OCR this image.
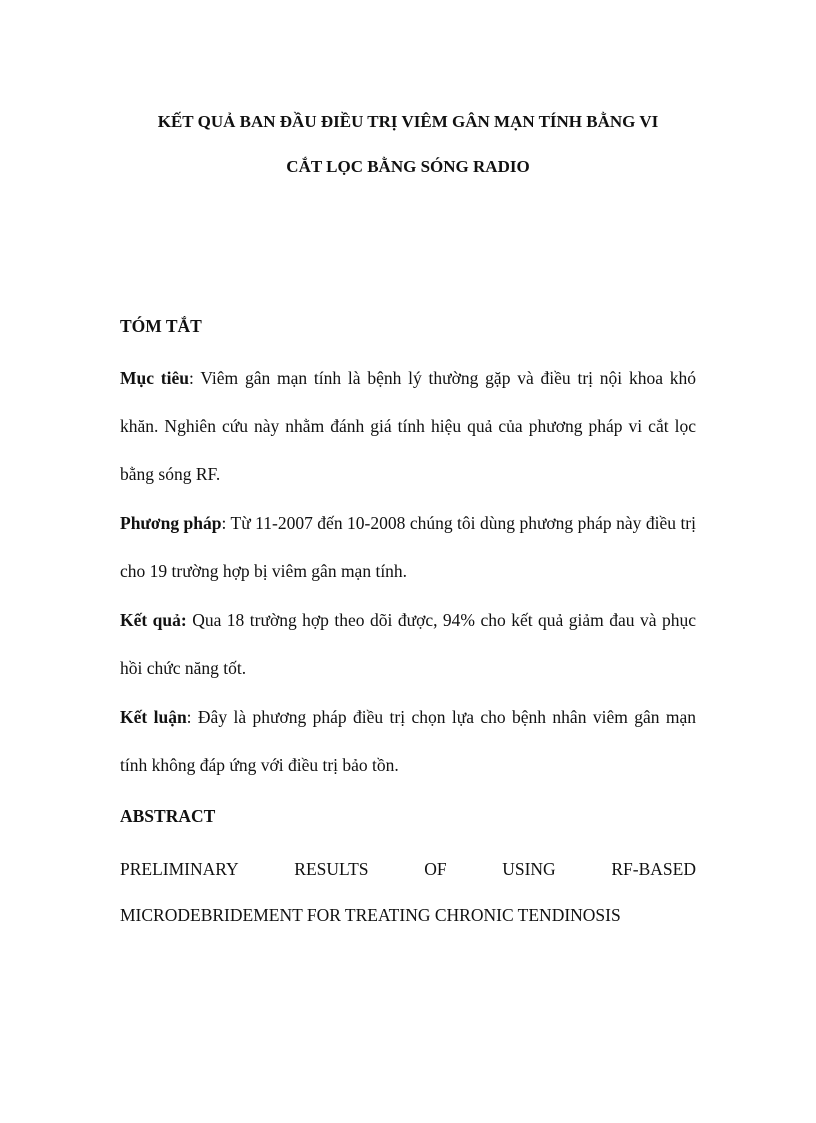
KẾT QUẢ BAN ĐẦU ĐIỀU TRỊ VIÊM GÂN MẠN TÍNH BẰNG VI
CẮT LỌC BẰNG SÓNG RADIO
TÓM TẮT
Mục tiêu: Viêm gân mạn tính là bệnh lý thường gặp và điều trị nội khoa khó khăn. Nghiên cứu này nhằm đánh giá tính hiệu quả của phương pháp vi cắt lọc bằng sóng RF.
Phương pháp: Từ 11-2007 đến 10-2008 chúng tôi dùng phương pháp này điều trị cho 19 trường hợp bị viêm gân mạn tính.
Kết quả: Qua 18 trường hợp theo dõi được, 94% cho kết quả giảm đau và phục hồi chức năng tốt.
Kết luận: Đây là phương pháp điều trị chọn lựa cho bệnh nhân viêm gân mạn tính không đáp ứng với điều trị bảo tồn.
ABSTRACT
PRELIMINARY	RESULTS	OF	USING	RF-BASED
MICRODEBRIDEMENT FOR TREATING CHRONIC TENDINOSIS
